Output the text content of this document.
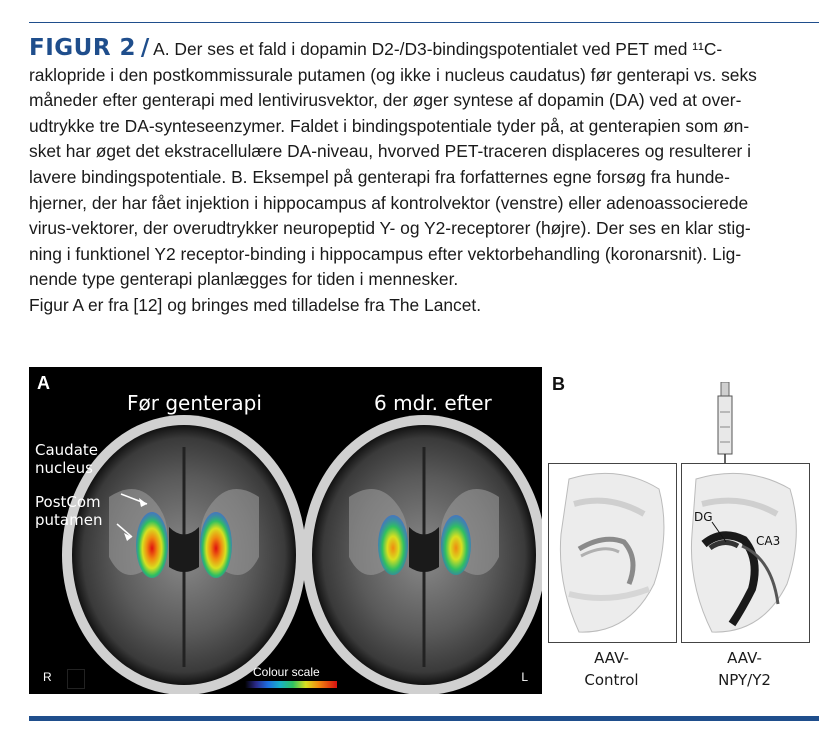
FIGUR 2 / A. Der ses et fald i dopamin D2-/D3-bindingspotentialet ved PET med ¹¹C-
raklopride i den postkommissurale putamen (og ikke i nucleus caudatus) før genterapi vs. seks
måneder efter genterapi med lentivirusvektor, der øger syntese af dopamin (DA) ved at over-
udtrykke tre DA-synteseenzymer. Faldet i bindingspotentiale tyder på, at genterapien som øn-
sket har øget det ekstracellulære DA-niveau, hvorved PET-traceren displaceres og resulterer i
lavere bindingspotentiale. B. Eksempel på genterapi fra forfatternes egne forsøg fra hunde-
hjerner, der har fået injektion i hippocampus af kontrolvektor (venstre) eller adenoassocierede
virus-vektorer, der overudtrykker neuropeptid Y- og Y2-receptorer (højre). Der ses en klar stig-
ning i funktionel Y2 receptor-binding i hippocampus efter vektorbehandling (koronarsnit). Lig-
nende type genterapi planlægges for tiden i mennesker.
Figur A er fra [12] og bringes med tilladelse fra The Lancet.
A
Før genterapi	6 mdr. efter
Caudate
nucleus
PostCom
putamen
R	Colour scale	L
B
DG
CA3
AAV-
Control
AAV-
NPY/Y2
